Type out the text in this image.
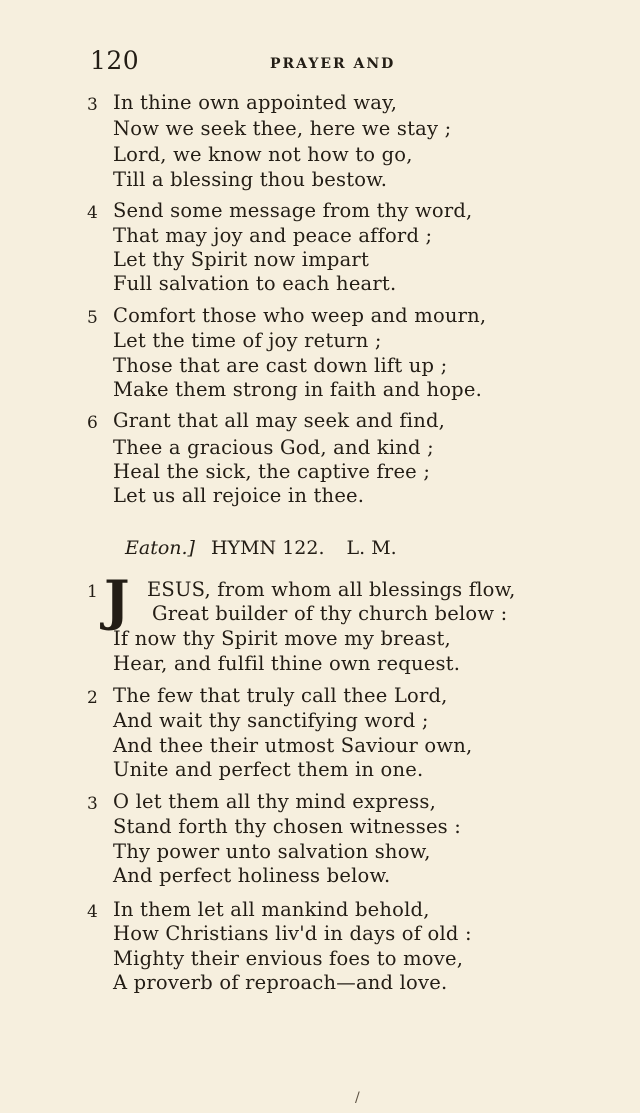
120	PRAYER AND
3 In thine own appointed way,
Now we seek thee, here we stay ;
Lord, we know not how to go,
Till a blessing thou bestow.
4 Send some message from thy word,
That may joy and peace afford ;
Let thy Spirit now impart
Full salvation to each heart.
5 Comfort those who weep and mourn,
Let the time of joy return ;
Those that are cast down lift up ;
Make them strong in faith and hope.
6 Grant that all may seek and find,
Thee a gracious God, and kind ;
Heal the sick, the captive free ;
Let us all rejoice in thee.
Eaton.] HYMN 122. L. M.
1	ESUS, from whom all blessings flow,
Great builder of thy church below :
If now thy Spirit move my breast,
Hear, and fulfil thine own request.
J
2 The few that truly call thee Lord,
And wait thy sanctifying word ;
And thee their utmost Saviour own,
Unite and perfect them in one.
3 O let them all thy mind express,
Stand forth thy chosen witnesses :
Thy power unto salvation show,
And perfect holiness below.
4 In them let all mankind behold,
How Christians liv'd in days of old :
Mighty their envious foes to move,
A proverb of reproach—and love.
/
